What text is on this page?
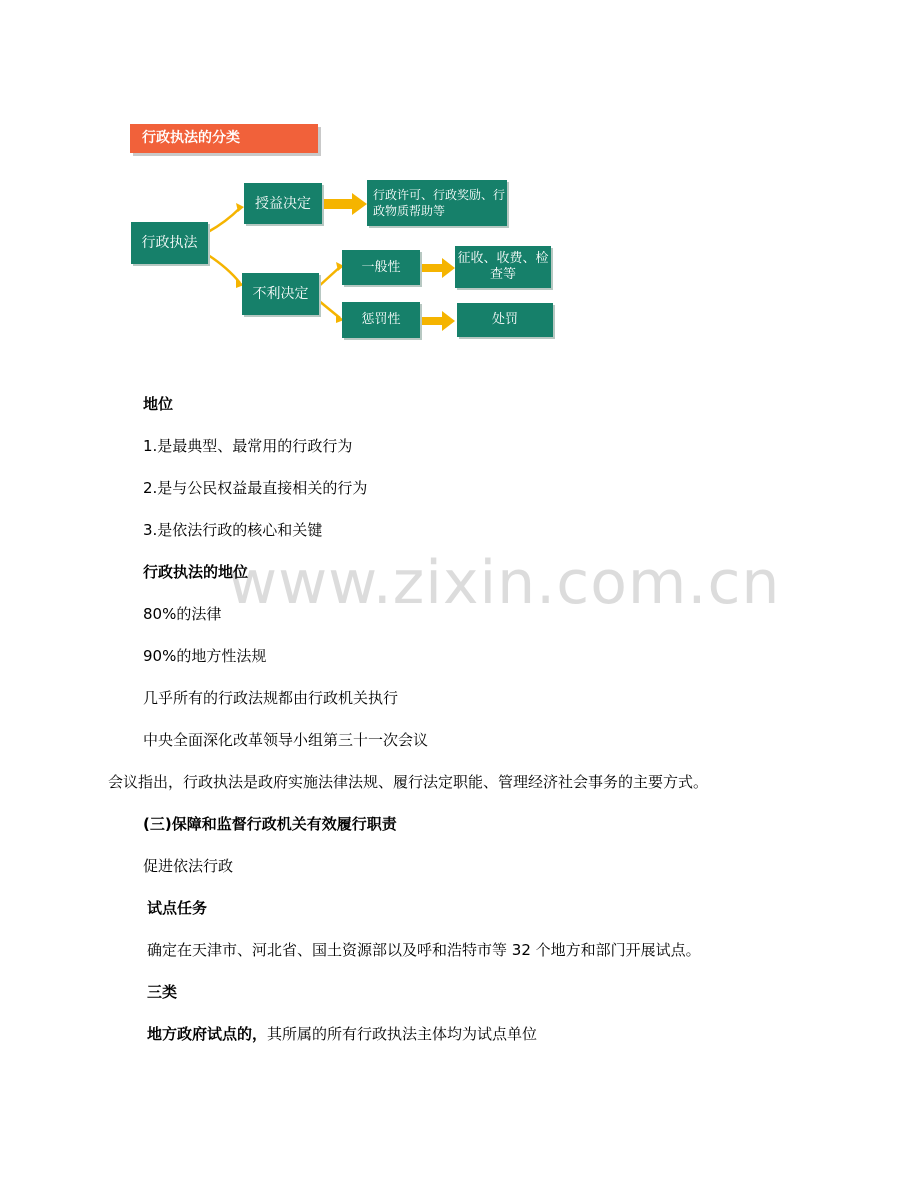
行政执法的分类
行政执法
授益决定
行政许可、行政奖励、行政物质帮助等
不利决定
一般性
征收、收费、检查等
惩罚性	处罚
www.zixin.com.cn
地位
1.是最典型、最常用的行政行为
2.是与公民权益最直接相关的行为
3.是依法行政的核心和关键
行政执法的地位
80%的法律
90%的地方性法规
几乎所有的行政法规都由行政机关执行
中央全面深化改革领导小组第三十一次会议
会议指出，行政执法是政府实施法律法规、履行法定职能、管理经济社会事务的主要方式。
(三)保障和监督行政机关有效履行职责
促进依法行政
试点任务
确定在天津市、河北省、国土资源部以及呼和浩特市等 32 个地方和部门开展试点。
三类
地方政府试点的，其所属的所有行政执法主体均为试点单位
